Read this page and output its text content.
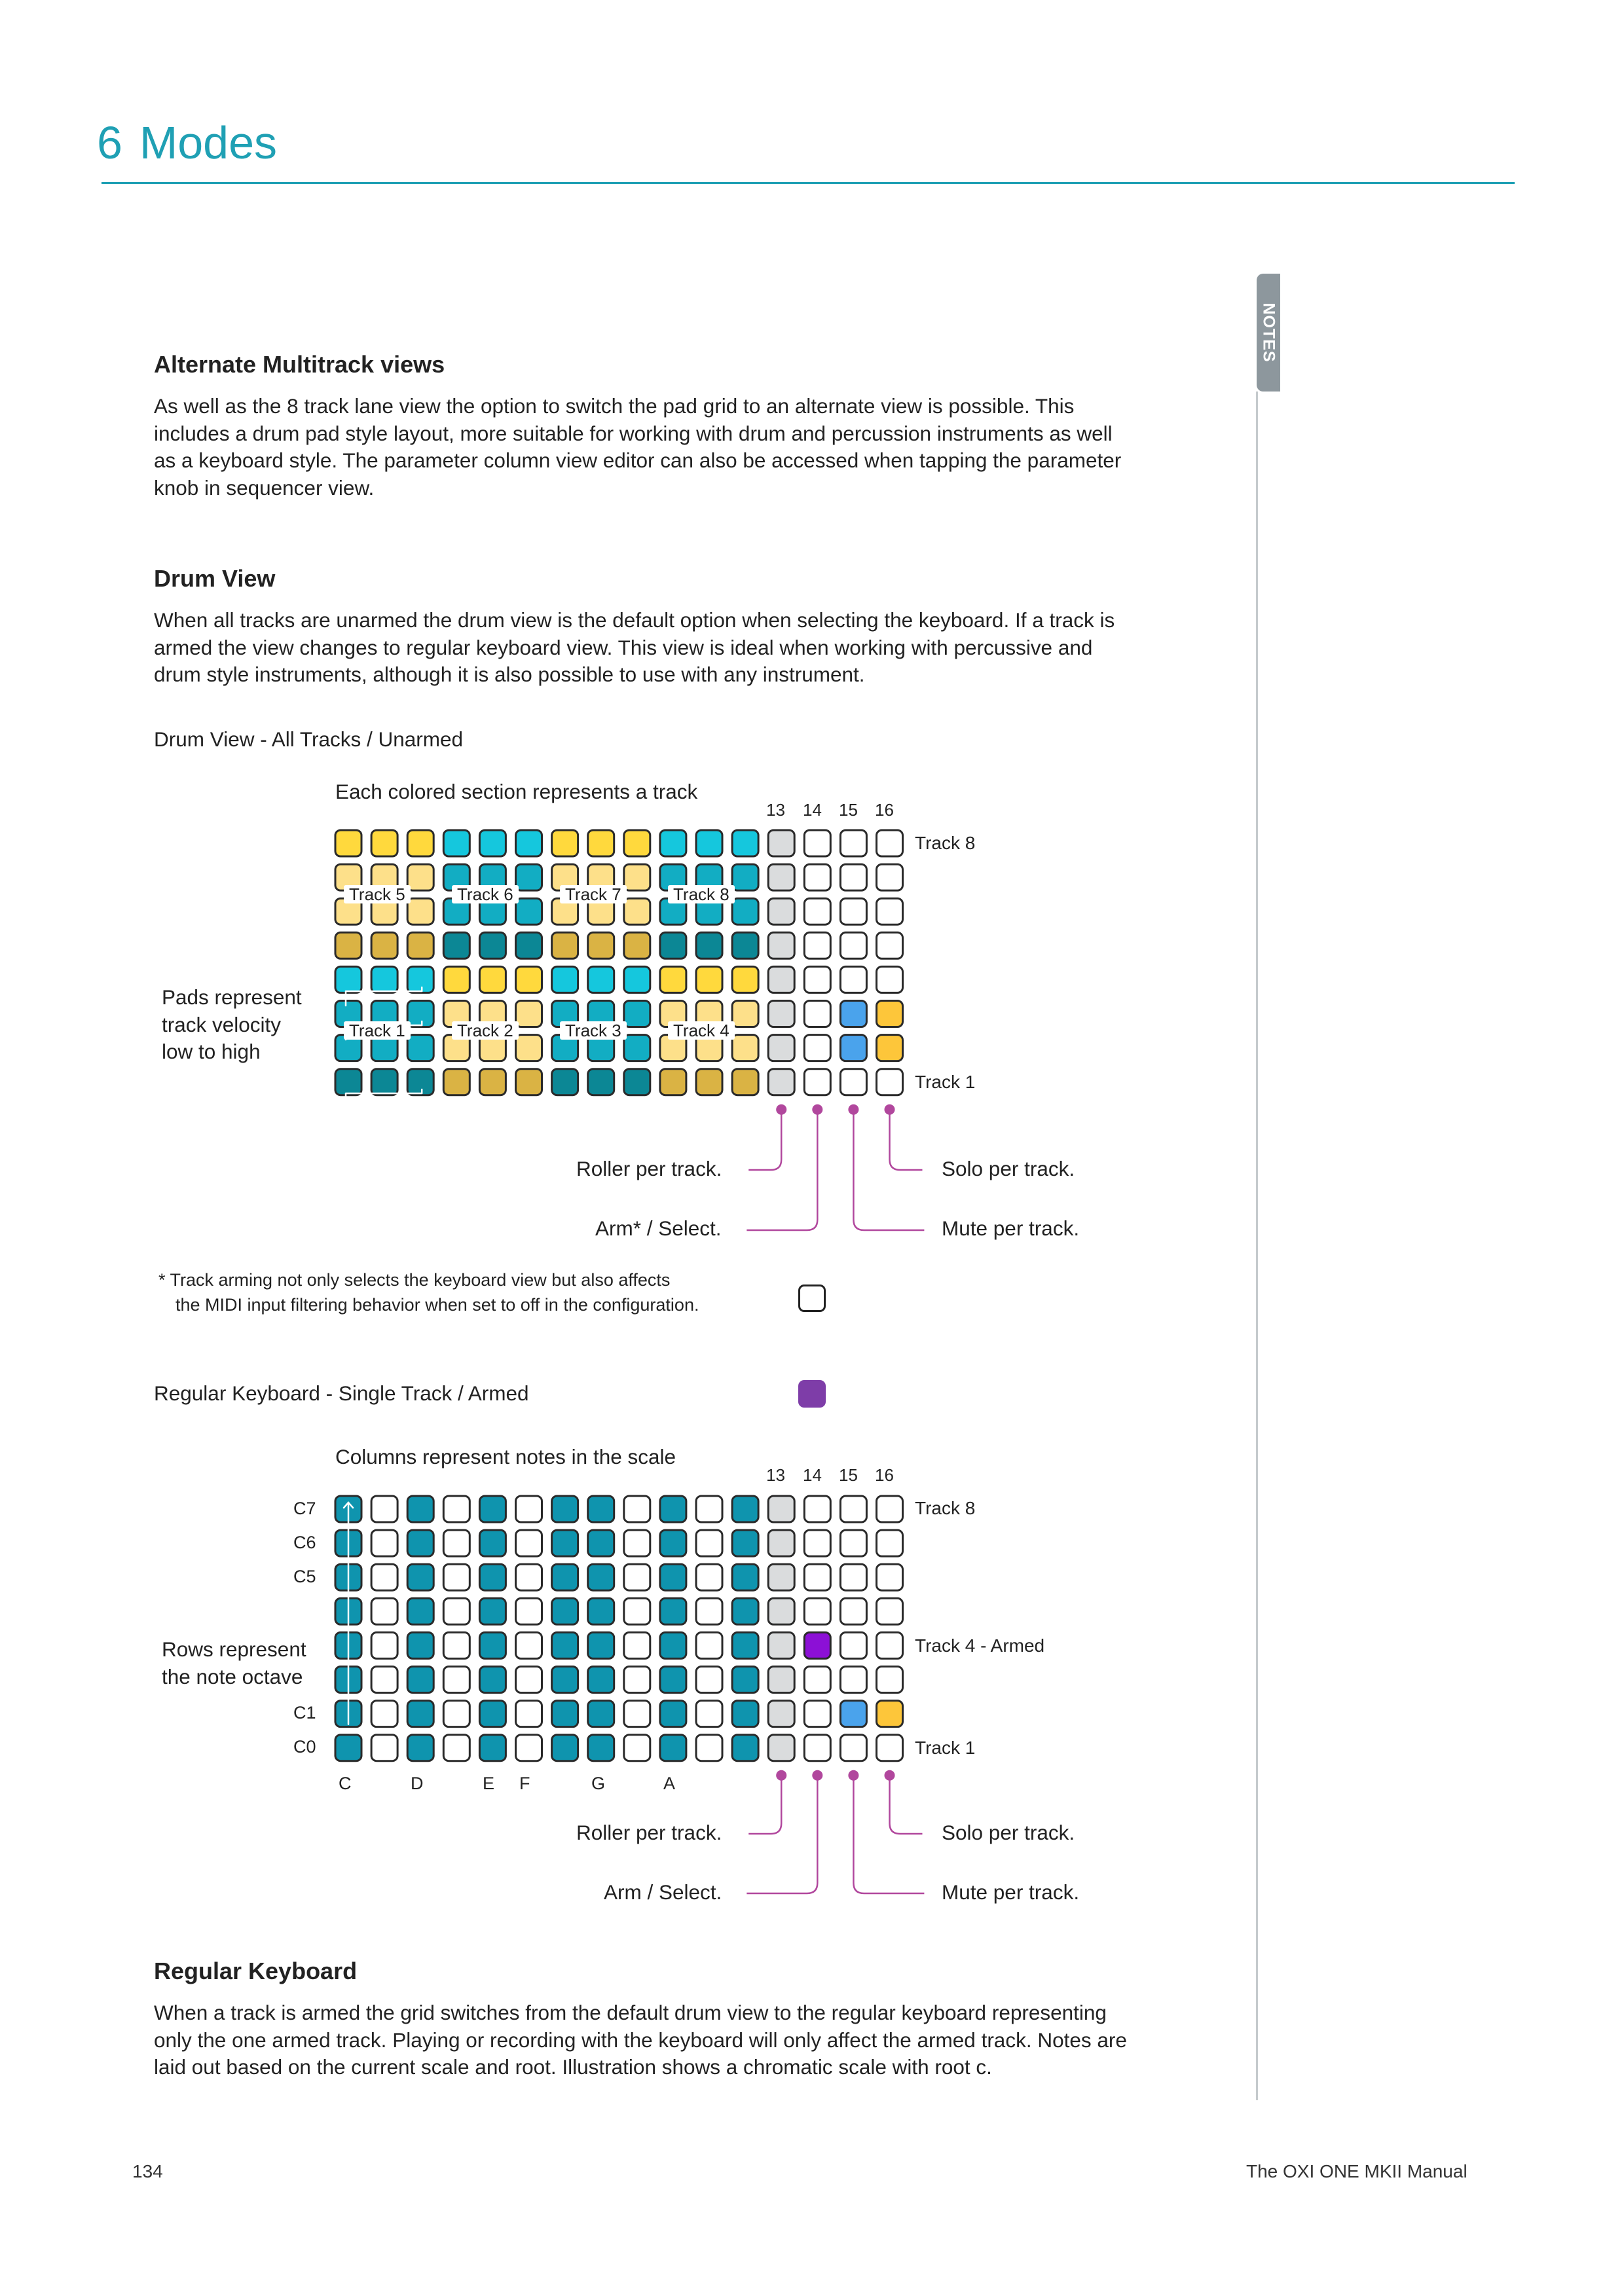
6 Modes
NOTES
Alternate Multitrack views
As well as the 8 track lane view the option to switch the pad grid to an alternate view is possible. This
includes a drum pad style layout, more suitable for working with drum and percussion instruments as well
as a keyboard style. The parameter column view editor can also be accessed when tapping the parameter
knob in sequencer view.
Drum View
When all tracks are unarmed the drum view is the default option when selecting the keyboard. If a track is
armed the view changes to regular keyboard view. This view is ideal when working with percussive and
drum style instruments, although it is also possible to use with any instrument.
Drum View - All Tracks / Unarmed
Each colored section represents a track
13 14 15 16
Track 8
Track 1
Pads represent
track velocity
low to high
Roller per track.
Arm* / Select.
Solo per track.
Mute per track.
* Track arming not only selects the keyboard view but also affects
the MIDI input filtering behavior when set to off in the configuration.
Regular Keyboard - Single Track / Armed
Columns represent notes in the scale
13 14 15 16
C7
C6
C5
C1
C0
C	D	E F	G	A
Track 8
Track 4 - Armed
Track 1
Rows represent
the note octave
Roller per track.
Arm / Select.
Solo per track.
Mute per track.
Regular Keyboard
When a track is armed the grid switches from the default drum view to the regular keyboard representing
only the one armed track. Playing or recording with the keyboard will only affect the armed track. Notes are
laid out based on the current scale and root. Illustration shows a chromatic scale with root c.
134	The OXI ONE MKII Manual
Track 5	Track 6	Track 7	Track 8
Track 1	Track 2	Track 3	Track 4
